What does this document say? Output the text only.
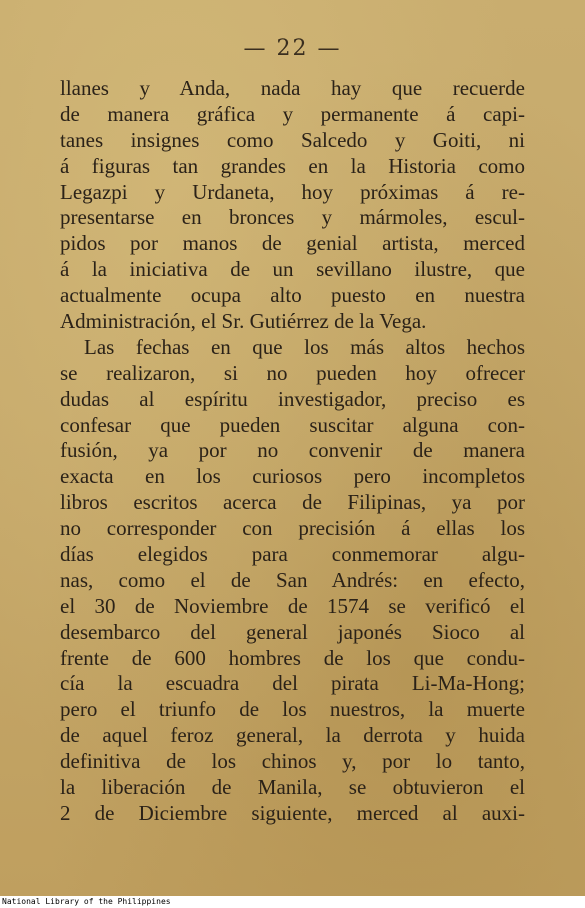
— 22 —
llanes y Anda, nada hay que recuerde
de manera gráfica y permanente á capi-
tanes insignes como Salcedo y Goiti, ni
á figuras tan grandes en la Historia como
Legazpi y Urdaneta, hoy próximas á re-
presentarse en bronces y mármoles, escul-
pidos por manos de genial artista, merced
á la iniciativa de un sevillano ilustre, que
actualmente ocupa alto puesto en nuestra
Administración, el Sr. Gutiérrez de la Vega.
Las fechas en que los más altos hechos
se realizaron, si no pueden hoy ofrecer
dudas al espíritu investigador, preciso es
confesar que pueden suscitar alguna con-
fusión, ya por no convenir de manera
exacta en los curiosos pero incompletos
libros escritos acerca de Filipinas, ya por
no corresponder con precisión á ellas los
días elegidos para conmemorar algu-
nas, como el de San Andrés: en efecto,
el 30 de Noviembre de 1574 se verificó el
desembarco del general japonés Sioco al
frente de 600 hombres de los que condu-
cía la escuadra del pirata Li-Ma-Hong;
pero el triunfo de los nuestros, la muerte
de aquel feroz general, la derrota y huida
definitiva de los chinos y, por lo tanto,
la liberación de Manila, se obtuvieron el
2 de Diciembre siguiente, merced al auxi-
National Library of the Philippines
